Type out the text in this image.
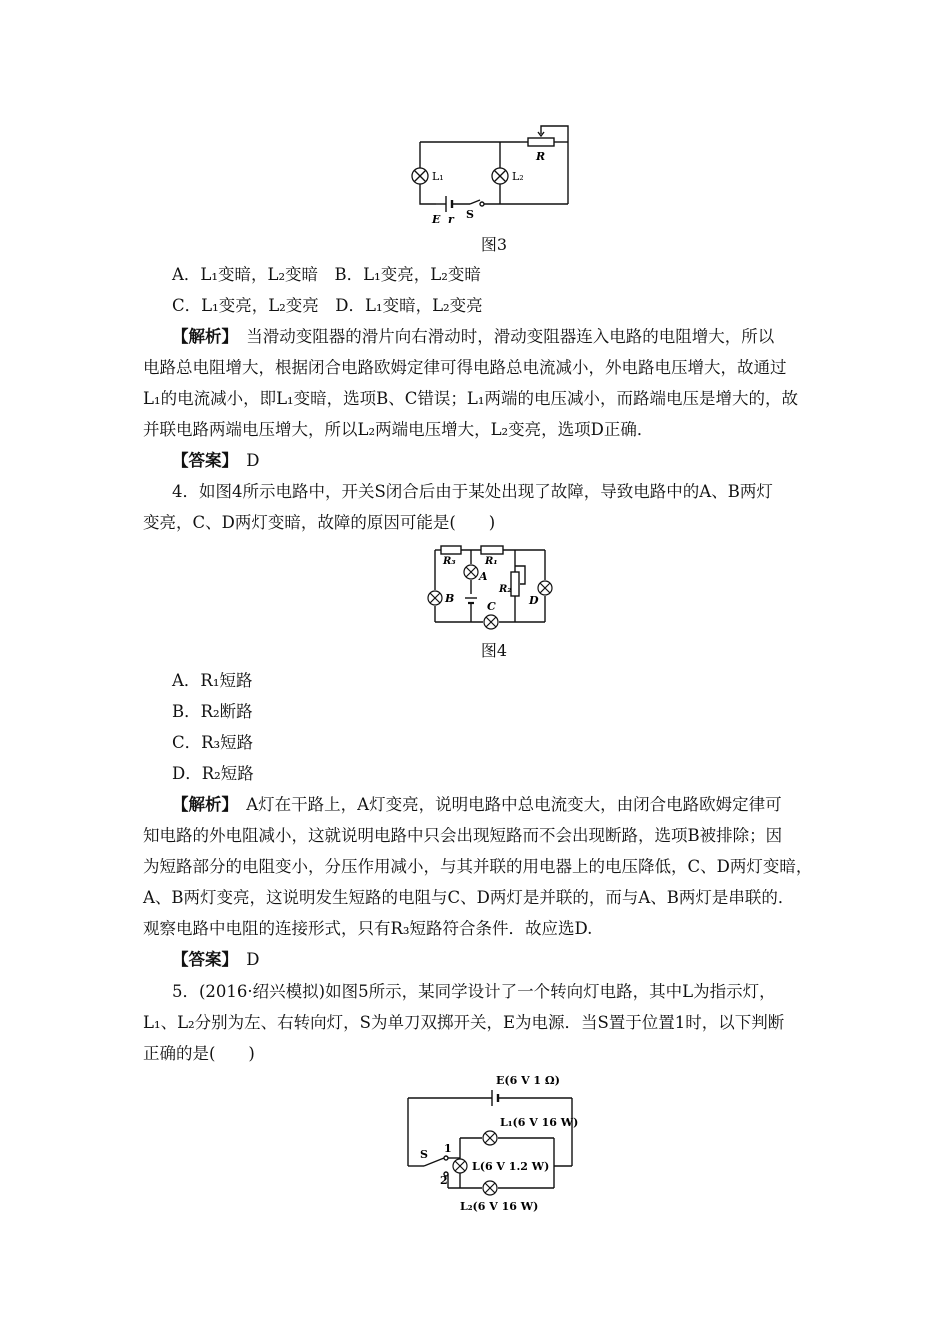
L₁	L₂
R
E r S
图3
A．L₁变暗，L₂变暗　B．L₁变亮，L₂变暗
C．L₁变亮，L₂变亮　D．L₁变暗，L₂变亮
【解析】　当滑动变阻器的滑片向右滑动时，滑动变阻器连入电路的电阻增大，所以
电路总电阻增大，根据闭合电路欧姆定律可得电路总电流减小，外电路电压增大，故通过
L₁的电流减小，即L₁变暗，选项B、C错误；L₁两端的电压减小，而路端电压是增大的，故
并联电路两端电压增大，所以L₂两端电压增大，L₂变亮，选项D正确．
【答案】　D
4．如图4所示电路中，开关S闭合后由于某处出现了故障，导致电路中的A、B两灯
变亮，C、D两灯变暗，故障的原因可能是(　　)
R₃	R₁
R₂
A
B
C	D
图4
A．R₁短路
B．R₂断路
C．R₃短路
D．R₂短路
【解析】　A灯在干路上，A灯变亮，说明电路中总电流变大，由闭合电路欧姆定律可
知电路的外电阻减小，这就说明电路中只会出现短路而不会出现断路，选项B被排除；因
为短路部分的电阻变小，分压作用减小，与其并联的用电器上的电压降低，C、D两灯变暗，
A、B两灯变亮，这说明发生短路的电阻与C、D两灯是并联的，而与A、B两灯是串联的．
观察电路中电阻的连接形式，只有R₃短路符合条件．故应选D.
【答案】　D
5．(2016·绍兴模拟)如图5所示，某同学设计了一个转向灯电路，其中L为指示灯，
L₁、L₂分别为左、右转向灯，S为单刀双掷开关，E为电源．当S置于位置1时，以下判断
正确的是(　　)
E(6 V 1 Ω)
L₁(6 V 16 W)
L(6 V 1.2 W)
L₂(6 V 16 W)
S 1
2
